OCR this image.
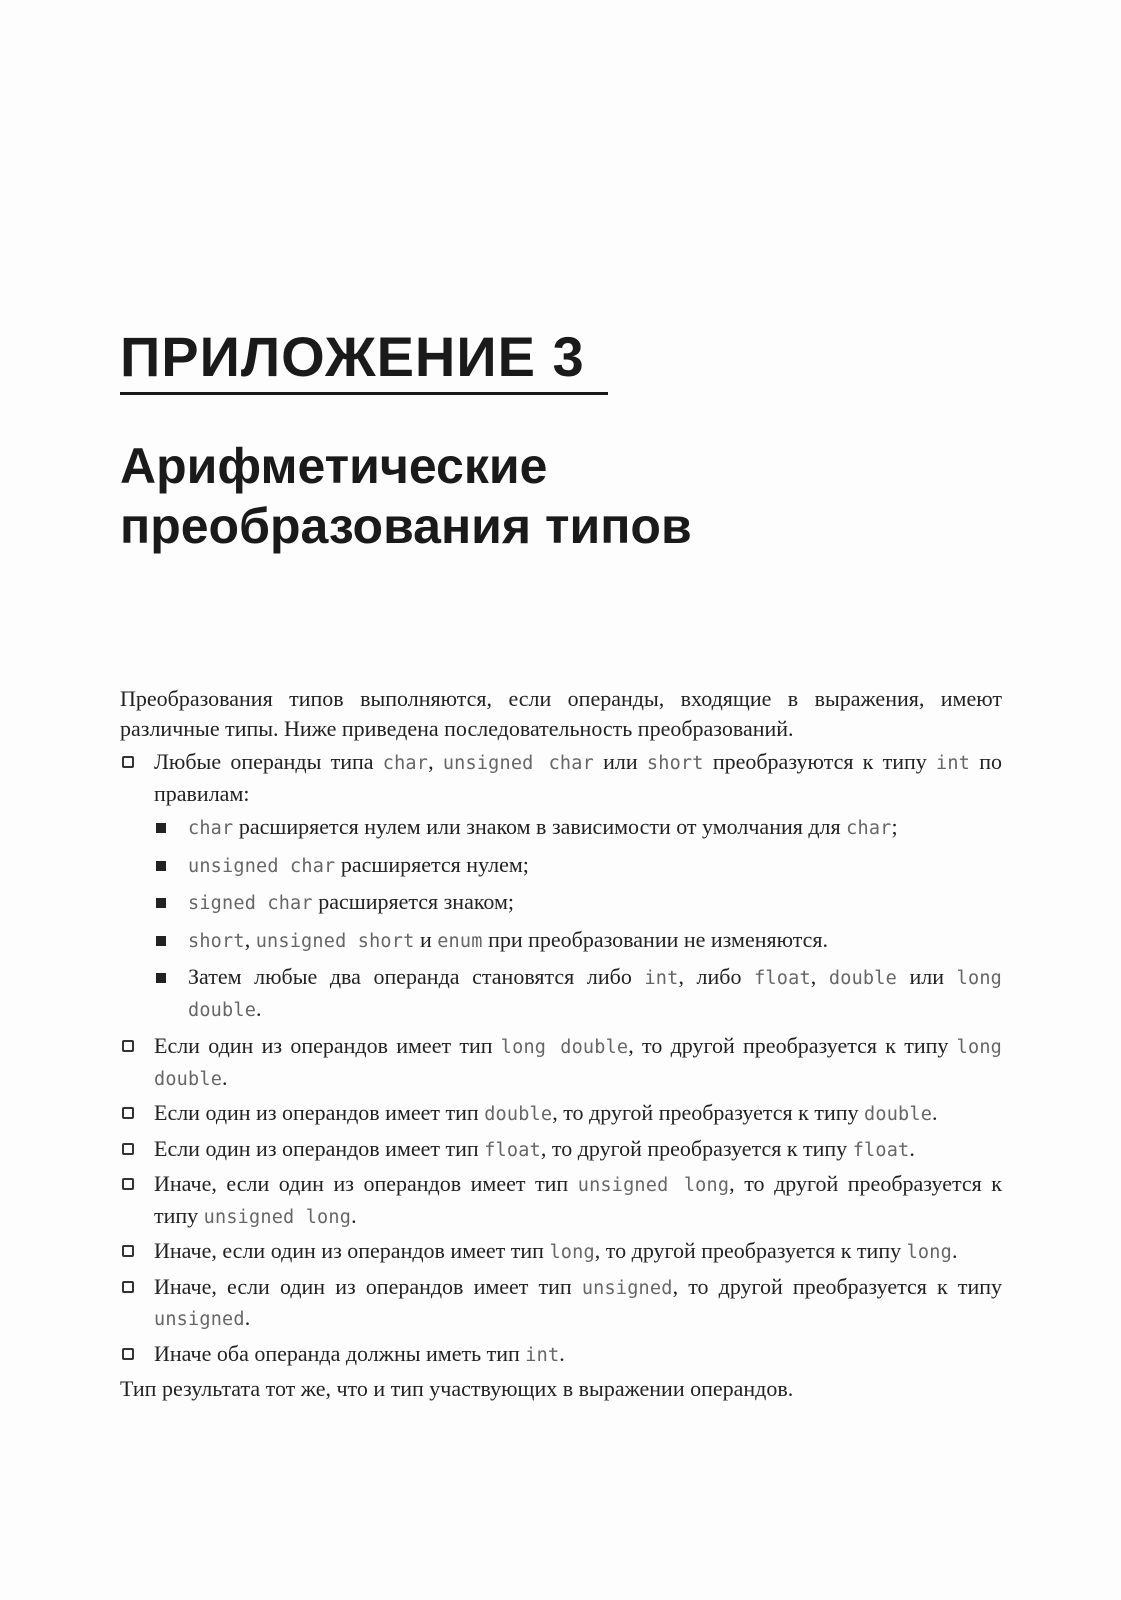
ПРИЛОЖЕНИЕ 3
Арифметические
преобразования типов

Преобразования типов выполняются, если операнды, входящие в выражения, имеют различные типы. Ниже приведена последовательность преобразований.

Любые операнды типа char, unsigned char или short преобразуются к типу int по правилам:
char расширяется нулем или знаком в зависимости от умолчания для char;
unsigned char расширяется нулем;
signed char расширяется знаком;
short, unsigned short и enum при преобразовании не изменяются.
Затем любые два операнда становятся либо int, либо float, double или long double.
Если один из операндов имеет тип long double, то другой преобразуется к типу long double.
Если один из операндов имеет тип double, то другой преобразуется к типу double.
Если один из операндов имеет тип float, то другой преобразуется к типу float.
Иначе, если один из операндов имеет тип unsigned long, то другой преобразуется к типу unsigned long.
Иначе, если один из операндов имеет тип long, то другой преобразуется к типу long.
Иначе, если один из операндов имеет тип unsigned, то другой преобразуется к типу unsigned.
Иначе оба операнда должны иметь тип int.

Тип результата тот же, что и тип участвующих в выражении операндов.
